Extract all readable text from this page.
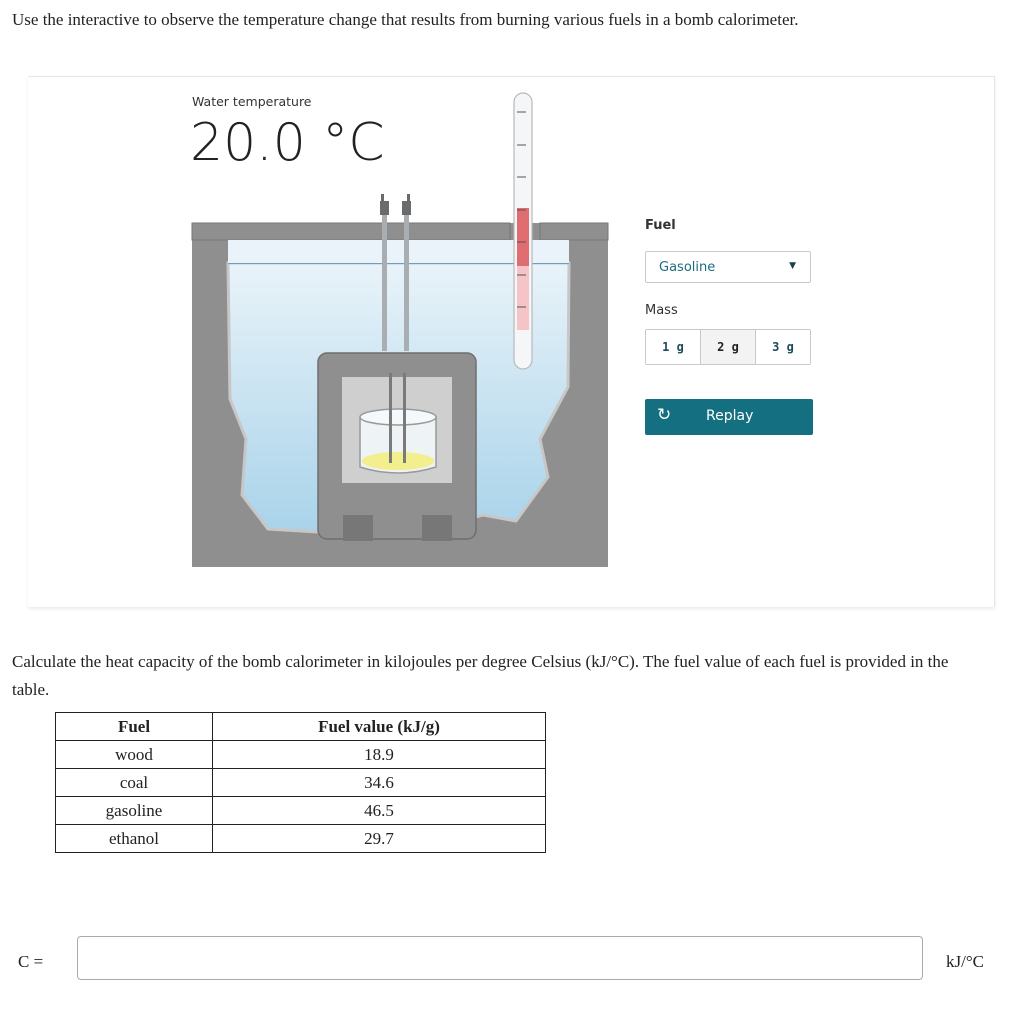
Use the interactive to observe the temperature change that results from burning various fuels in a bomb calorimeter.
Water temperature
20.0 °C
Fuel
Gasoline	▼
Mass
1 g	2 g	3 g
↻ Replay
Calculate the heat capacity of the bomb calorimeter in kilojoules per degree Celsius (kJ/°C). The fuel value of each fuel is provided in the table.
Fuel	Fuel value (kJ/g)
wood	18.9
coal	34.6
gasoline	46.5
ethanol	29.7
C =	kJ/°C
